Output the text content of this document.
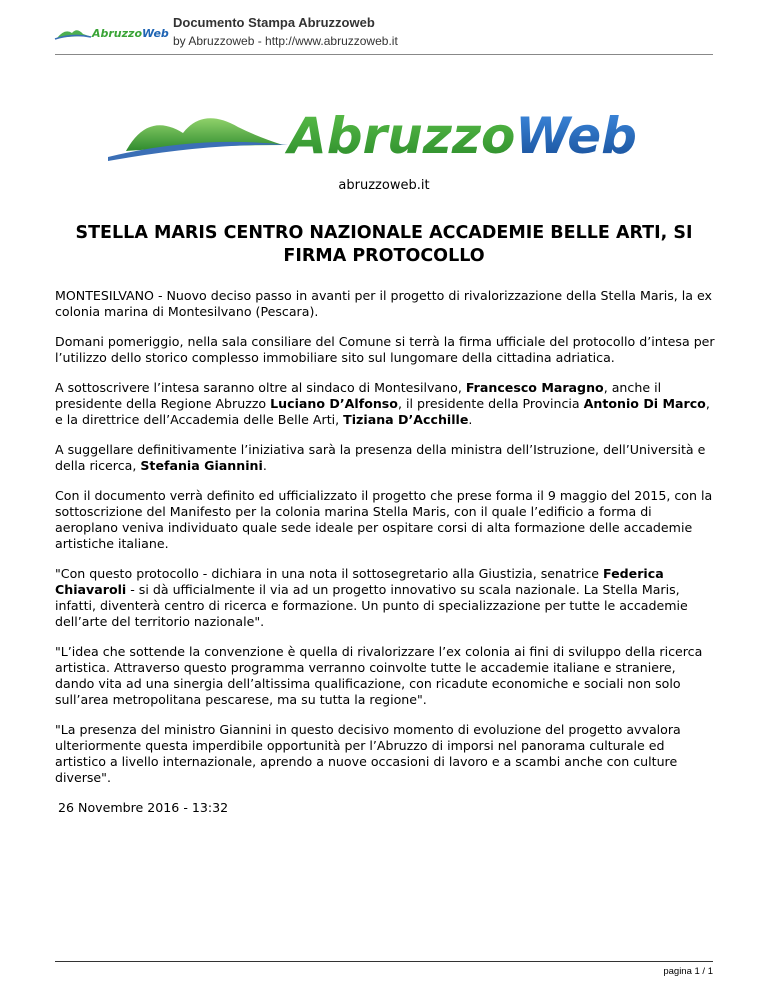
AbruzzoWeb
Documento Stampa Abruzzoweb
by Abruzzoweb - http://www.abruzzoweb.it
AbruzzoWeb
abruzzoweb.it
STELLA MARIS CENTRO NAZIONALE ACCADEMIE BELLE ARTI, SI
FIRMA PROTOCOLLO

MONTESILVANO - Nuovo deciso passo in avanti per il progetto di rivalorizzazione della Stella Maris, la ex colonia marina di Montesilvano (Pescara).

Domani pomeriggio, nella sala consiliare del Comune si terrà la firma ufficiale del protocollo d’intesa per l’utilizzo dello storico complesso immobiliare sito sul lungomare della cittadina adriatica.

A sottoscrivere l’intesa saranno oltre al sindaco di Montesilvano, Francesco Maragno, anche il presidente della Regione Abruzzo Luciano D’Alfonso, il presidente della Provincia Antonio Di Marco, e la direttrice dell’Accademia delle Belle Arti, Tiziana D’Acchille.

A suggellare definitivamente l’iniziativa sarà la presenza della ministra dell’Istruzione, dell’Università e della ricerca, Stefania Giannini.

Con il documento verrà definito ed ufficializzato il progetto che prese forma il 9 maggio del 2015, con la sottoscrizione del Manifesto per la colonia marina Stella Maris, con il quale l’edificio a forma di aeroplano veniva individuato quale sede ideale per ospitare corsi di alta formazione delle accademie artistiche italiane.

"Con questo protocollo - dichiara in una nota il sottosegretario alla Giustizia, senatrice Federica Chiavaroli - si dà ufficialmente il via ad un progetto innovativo su scala nazionale. La Stella Maris, infatti, diventerà centro di ricerca e formazione. Un punto di specializzazione per tutte le accademie dell’arte del territorio nazionale".

"L’idea che sottende la convenzione è quella di rivalorizzare l’ex colonia ai fini di sviluppo della ricerca artistica. Attraverso questo programma verranno coinvolte tutte le accademie italiane e straniere, dando vita ad una sinergia dell’altissima qualificazione, con ricadute economiche e sociali non solo sull’area metropolitana pescarese, ma su tutta la regione".

"La presenza del ministro Giannini in questo decisivo momento di evoluzione del progetto avvalora ulteriormente questa imperdibile opportunità per l’Abruzzo di imporsi nel panorama culturale ed artistico a livello internazionale, aprendo a nuove occasioni di lavoro e a scambi anche con culture diverse".

26 Novembre 2016 - 13:32

pagina 1 / 1
